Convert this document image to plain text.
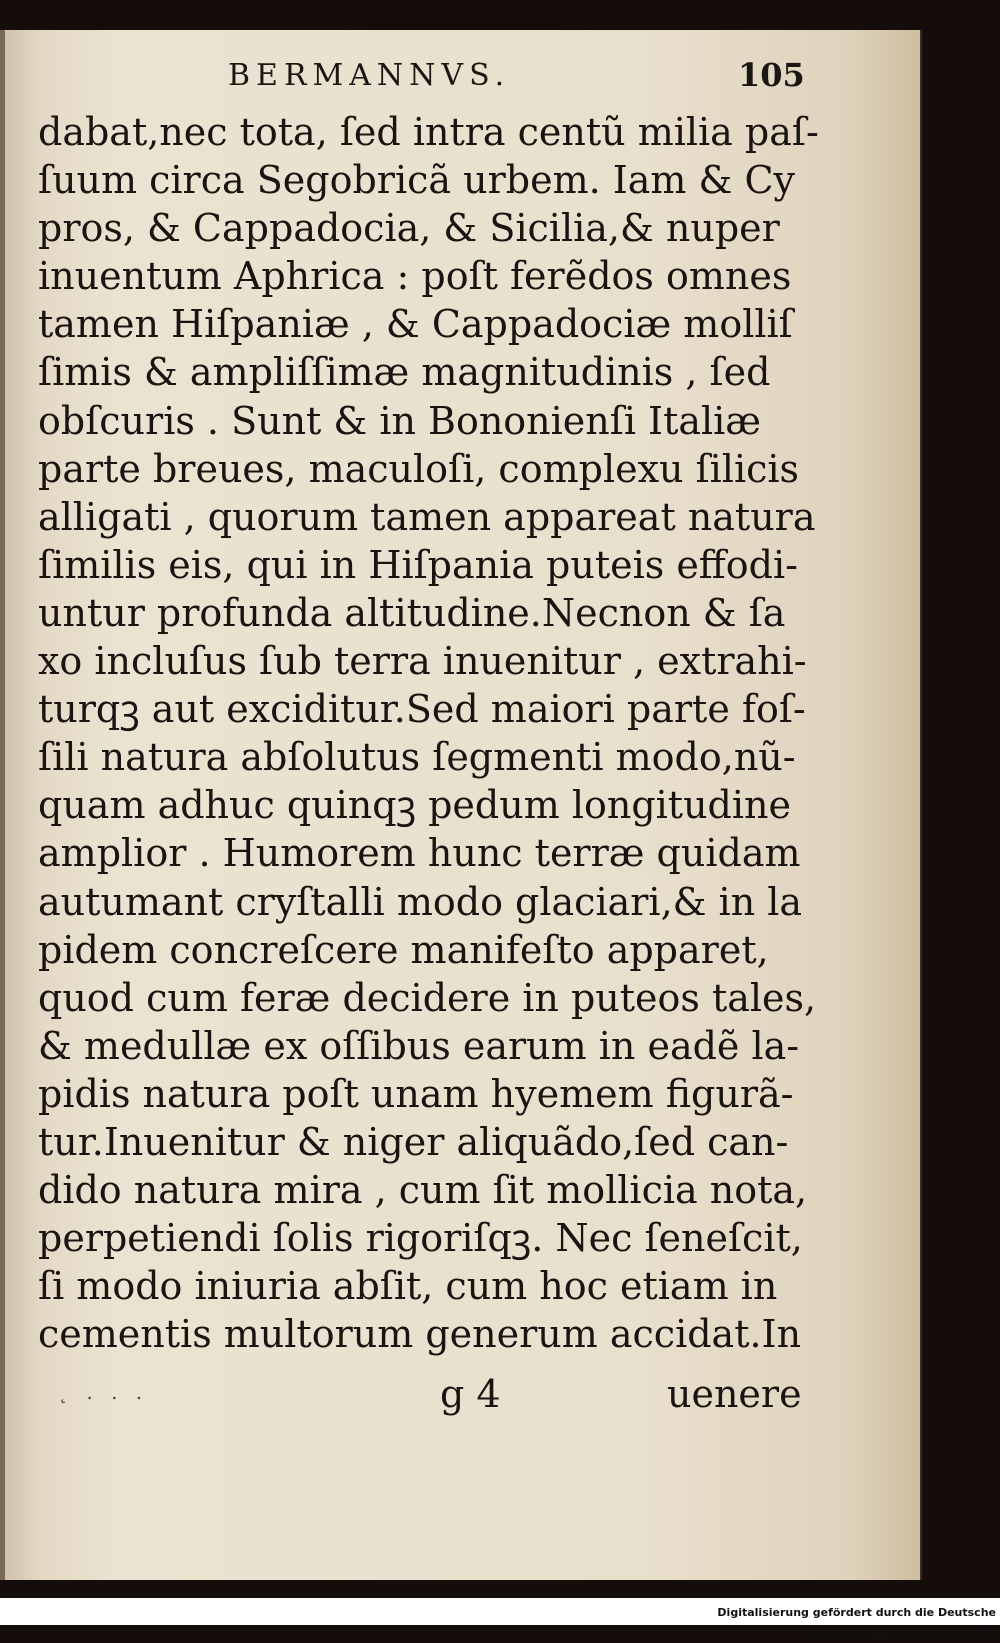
BERMANNVS.	105
dabat,nec tota, ſed intra centũ milia paſ‑
ſuum circa Segobricã urbem. Iam & Cy
pros, & Cappadocia, & Sicilia,& nuper
inuentum Aphrica : poſt ferẽdos omnes
tamen Hiſpaniæ , & Cappadociæ molliſ
ſimis & ampliſſimæ magnitudinis , ſed
obſcuris . Sunt & in Bononienſi Italiæ
parte breues, maculoſi, complexu ſilicis
alligati , quorum tamen appareat natura
ſimilis eis, qui in Hiſpania puteis effodi‑
untur profunda altitudine.Necnon & ſa
xo incluſus ſub terra inuenitur , extrahi‑
turqꝫ aut exciditur.Sed maiori parte foſ‑
ſili natura abſolutus ſegmenti modo,nũ‑
quam adhuc quinqꝫ pedum longitudine
amplior . Humorem hunc terræ quidam
autumant cryſtalli modo glaciari,& in la
pidem concreſcere manifeſto apparet,
quod cum feræ decidere in puteos tales,
& medullæ ex oſſibus earum in eadẽ la‑
pidis natura poſt unam hyemem figurã‑
tur.Inuenitur & niger aliquãdo,ſed can‑
dido natura mira , cum ſit mollicia nota,
perpetiendi ſolis rigoriſqꝫ. Nec ſeneſcit,
ſi modo iniuria abſit, cum hoc etiam in
cementis multorum generum accidat.In
˛ . . .	g 4	uenere
Digitalisierung gefördert durch die Deutsche Forschungsgemeinschaft - DFG
